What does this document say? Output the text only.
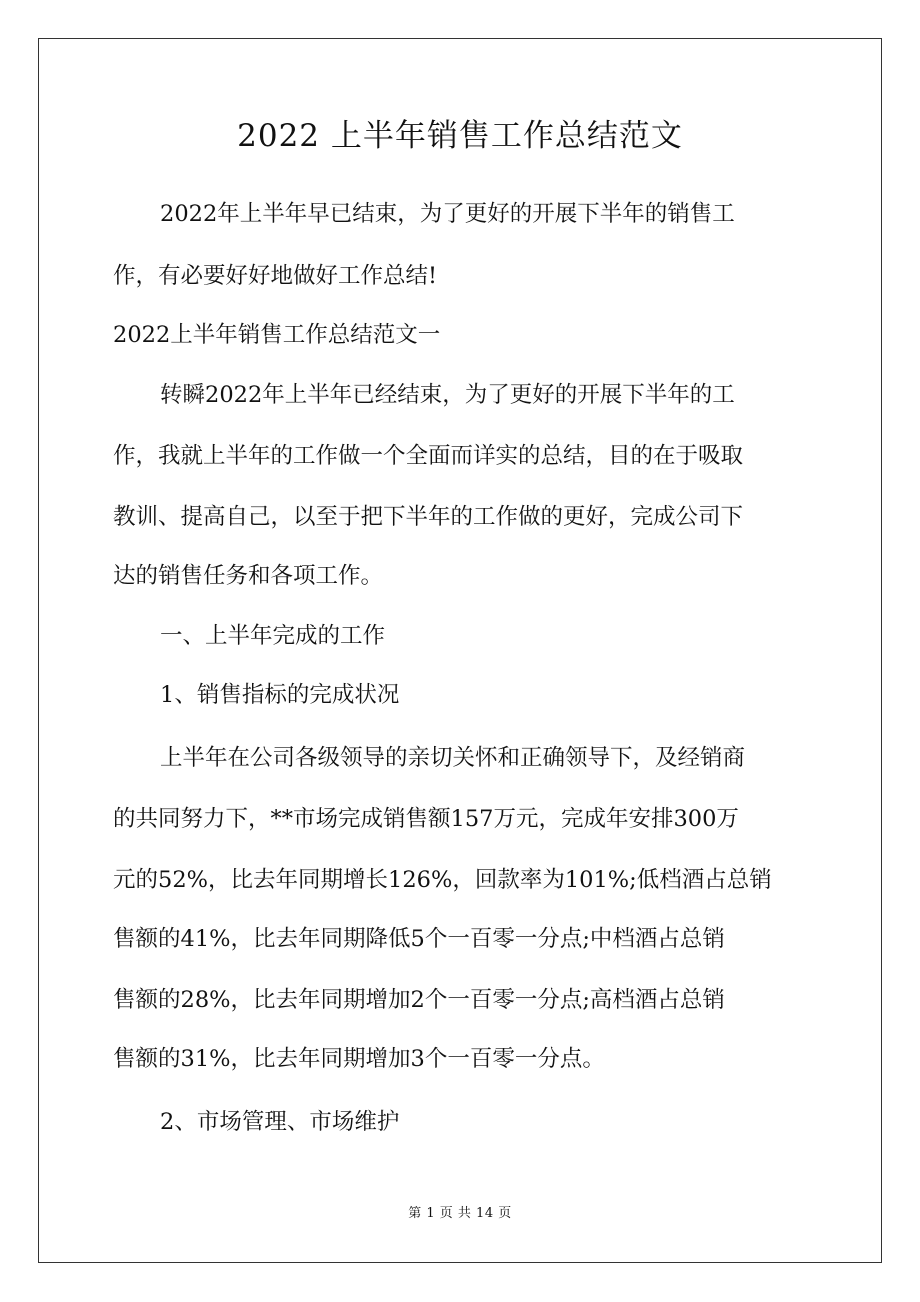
2022 上半年销售工作总结范文
2022年上半年早已结束，为了更好的开展下半年的销售工
作，有必要好好地做好工作总结!
2022上半年销售工作总结范文一
转瞬2022年上半年已经结束，为了更好的开展下半年的工
作，我就上半年的工作做一个全面而详实的总结，目的在于吸取
教训、提高自己，以至于把下半年的工作做的更好，完成公司下
达的销售任务和各项工作。
一、上半年完成的工作
1、销售指标的完成状况
上半年在公司各级领导的亲切关怀和正确领导下，及经销商
的共同努力下，**市场完成销售额157万元，完成年安排300万
元的52%，比去年同期增长126%，回款率为101%;低档酒占总销
售额的41%，比去年同期降低5个一百零一分点;中档酒占总销
售额的28%，比去年同期增加2个一百零一分点;高档酒占总销
售额的31%，比去年同期增加3个一百零一分点。
2、市场管理、市场维护
第 1 页 共 14 页
